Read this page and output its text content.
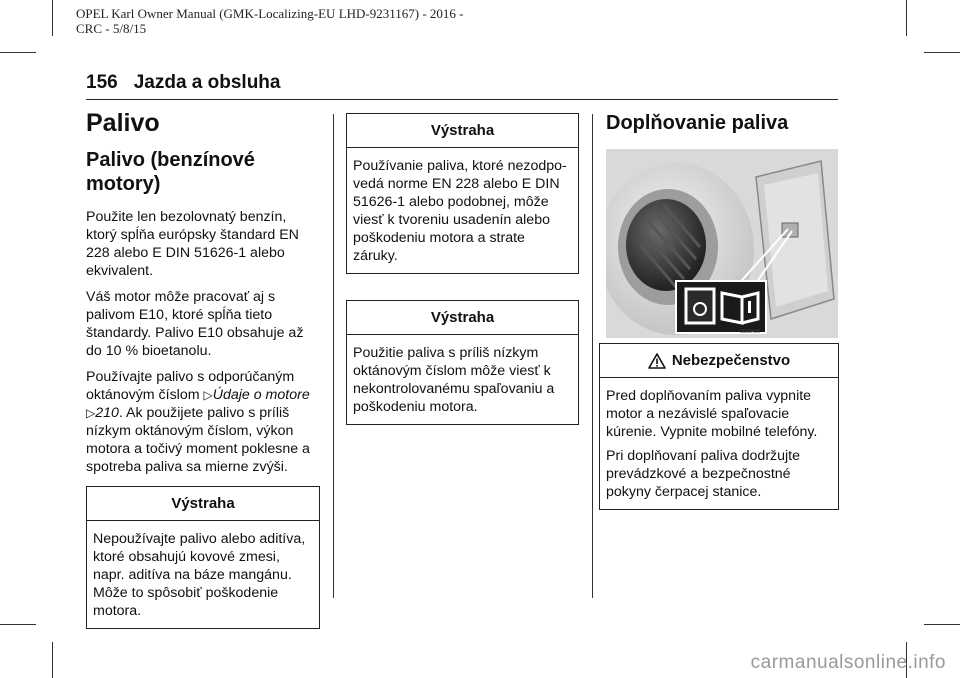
OPEL Karl Owner Manual (GMK-Localizing-EU LHD-9231167) - 2016 -
CRC - 5/8/15
156 Jazda a obsluha
Palivo
Palivo (benzínové motory)

Použite len bezolovnatý benzín, ktorý spĺňa európsky štandard EN 228 alebo E DIN 51626-1 alebo ekvivalent.

Váš motor môže pracovať aj s palivom E10, ktoré spĺňa tieto štandardy. Palivo E10 obsahuje až do 10 % bioetanolu.

Používajte palivo s odporúčaným oktánovým číslom ▷Údaje o motore ▷210. Ak použijete palivo s príliš nízkym oktánovým číslom, výkon motora a točivý moment poklesne a spotreba paliva sa mierne zvýši.

Výstraha

Nepoužívajte palivo alebo aditíva, ktoré obsahujú kovové zmesi, napr. aditíva na báze mangánu. Môže to spôsobiť poškodenie motora.

Výstraha

Používanie paliva, ktoré nezodpo-vedá norme EN 228 alebo E DIN 51626-1 alebo podobnej, môže viesť k tvoreniu usadenín alebo poškodeniu motora a strate záruky.

Výstraha

Použitie paliva s príliš nízkym oktánovým číslom môže viesť k nekontrolovanému spaľovaniu a poškodeniu motora.

Doplňovanie paliva
3588436
Nebezpečenstvo

Pred doplňovaním paliva vypnite motor a nezávislé spaľovacie kúrenie. Vypnite mobilné telefóny.

Pri doplňovaní paliva dodržujte prevádzkové a bezpečnostné pokyny čerpacej stanice.

carmanualsonline.info
